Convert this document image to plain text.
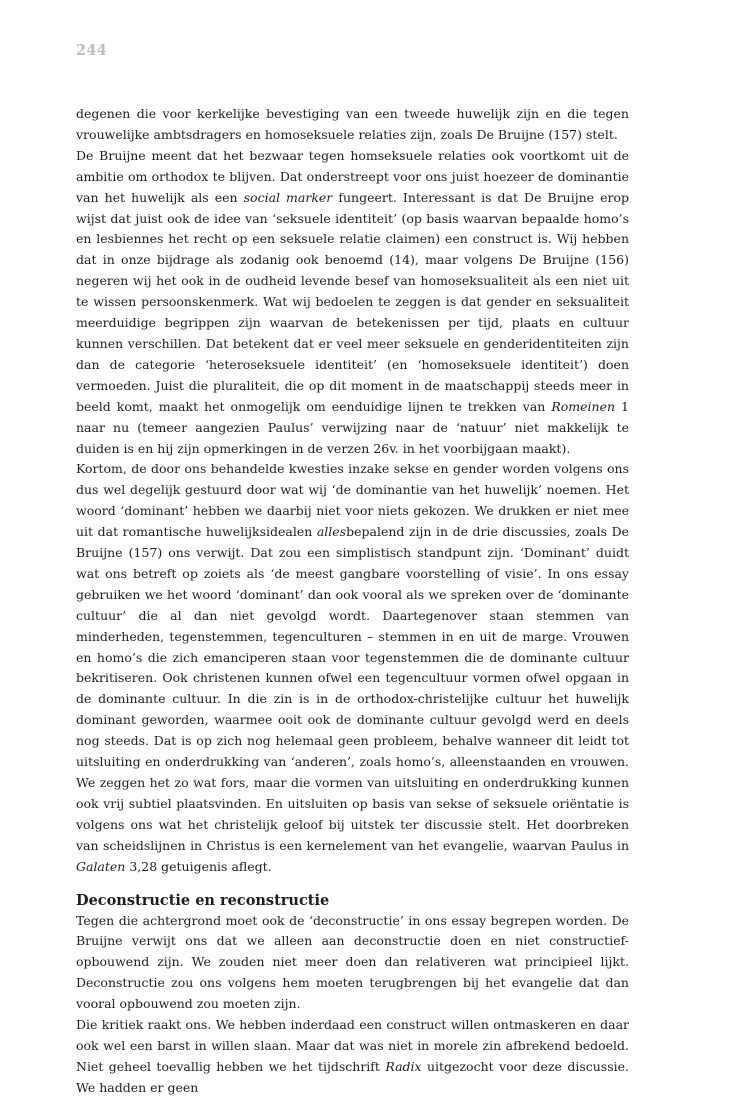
244

degenen die voor kerkelijke bevestiging van een tweede huwelijk zijn en die tegen vrouwelijke ambtsdragers en homoseksuele relaties zijn, zoals De Bruijne (157) stelt.

De Bruijne meent dat het bezwaar tegen homseksuele relaties ook voortkomt uit de ambitie om orthodox te blijven. Dat onderstreept voor ons juist hoezeer de dominantie van het huwelijk als een social marker fungeert. Interessant is dat De Bruijne erop wijst dat juist ook de idee van ‘seksuele identiteit’ (op basis waarvan bepaalde homo’s en lesbiennes het recht op een seksuele relatie claimen) een construct is. Wij hebben dat in onze bijdrage als zodanig ook benoemd (14), maar volgens De Bruijne (156) negeren wij het ook in de oudheid levende besef van homoseksualiteit als een niet uit te wissen persoonskenmerk. Wat wij bedoelen te zeggen is dat gender en seksualiteit meerduidige begrippen zijn waarvan de betekenissen per tijd, plaats en cultuur kunnen verschillen. Dat betekent dat er veel meer seksuele en genderidentiteiten zijn dan de categorie ‘heteroseksuele identiteit’ (en ‘homoseksuele identiteit’) doen vermoeden. Juist die pluraliteit, die op dit moment in de maatschappij steeds meer in beeld komt, maakt het onmogelijk om eenduidige lijnen te trekken van Romeinen 1 naar nu (temeer aangezien Paulus’ verwijzing naar de ‘natuur’ niet makkelijk te duiden is en hij zijn opmerkingen in de verzen 26v. in het voorbijgaan maakt).

Kortom, de door ons behandelde kwesties inzake sekse en gender worden volgens ons dus wel degelijk gestuurd door wat wij ‘de dominantie van het huwelijk’ noemen. Het woord ‘dominant’ hebben we daarbij niet voor niets gekozen. We drukken er niet mee uit dat romantische huwelijksidealen allesbepalend zijn in de drie discussies, zoals De Bruijne (157) ons verwijt. Dat zou een simplistisch standpunt zijn. ‘Dominant’ duidt wat ons betreft op zoiets als ‘de meest gangbare voorstelling of visie’. In ons essay gebruiken we het woord ‘dominant’ dan ook vooral als we spreken over de ‘dominante cultuur’ die al dan niet gevolgd wordt. Daartegenover staan stemmen van minderheden, tegenstemmen, tegenculturen – stemmen in en uit de marge. Vrouwen en homo’s die zich emanciperen staan voor tegenstemmen die de dominante cultuur bekritiseren. Ook christenen kunnen ofwel een tegencultuur vormen ofwel opgaan in de dominante cultuur. In die zin is in de orthodox-christelijke cultuur het huwelijk dominant geworden, waarmee ooit ook de dominante cultuur gevolgd werd en deels nog steeds. Dat is op zich nog helemaal geen probleem, behalve wanneer dit leidt tot uitsluiting en onderdrukking van ‘anderen’, zoals homo’s, alleenstaanden en vrouwen. We zeggen het zo wat fors, maar die vormen van uitsluiting en onderdrukking kunnen ook vrij subtiel plaatsvinden. En uitsluiten op basis van sekse of seksuele oriëntatie is volgens ons wat het christelijk geloof bij uitstek ter discussie stelt. Het doorbreken van scheidslijnen in Christus is een kernelement van het evangelie, waarvan Paulus in Galaten 3,28 getuigenis aflegt.

Deconstructie en reconstructie

Tegen die achtergrond moet ook de ‘deconstructie’ in ons essay begrepen worden. De Bruijne verwijt ons dat we alleen aan deconstructie doen en niet constructief-opbouwend zijn. We zouden niet meer doen dan relativeren wat principieel lijkt. Deconstructie zou ons volgens hem moeten terugbrengen bij het evangelie dat dan vooral opbouwend zou moeten zijn.

Die kritiek raakt ons. We hebben inderdaad een construct willen ontmaskeren en daar ook wel een barst in willen slaan. Maar dat was niet in morele zin afbrekend bedoeld. Niet geheel toevallig hebben we het tijdschrift Radix uitgezocht voor deze discussie. We hadden er geen
